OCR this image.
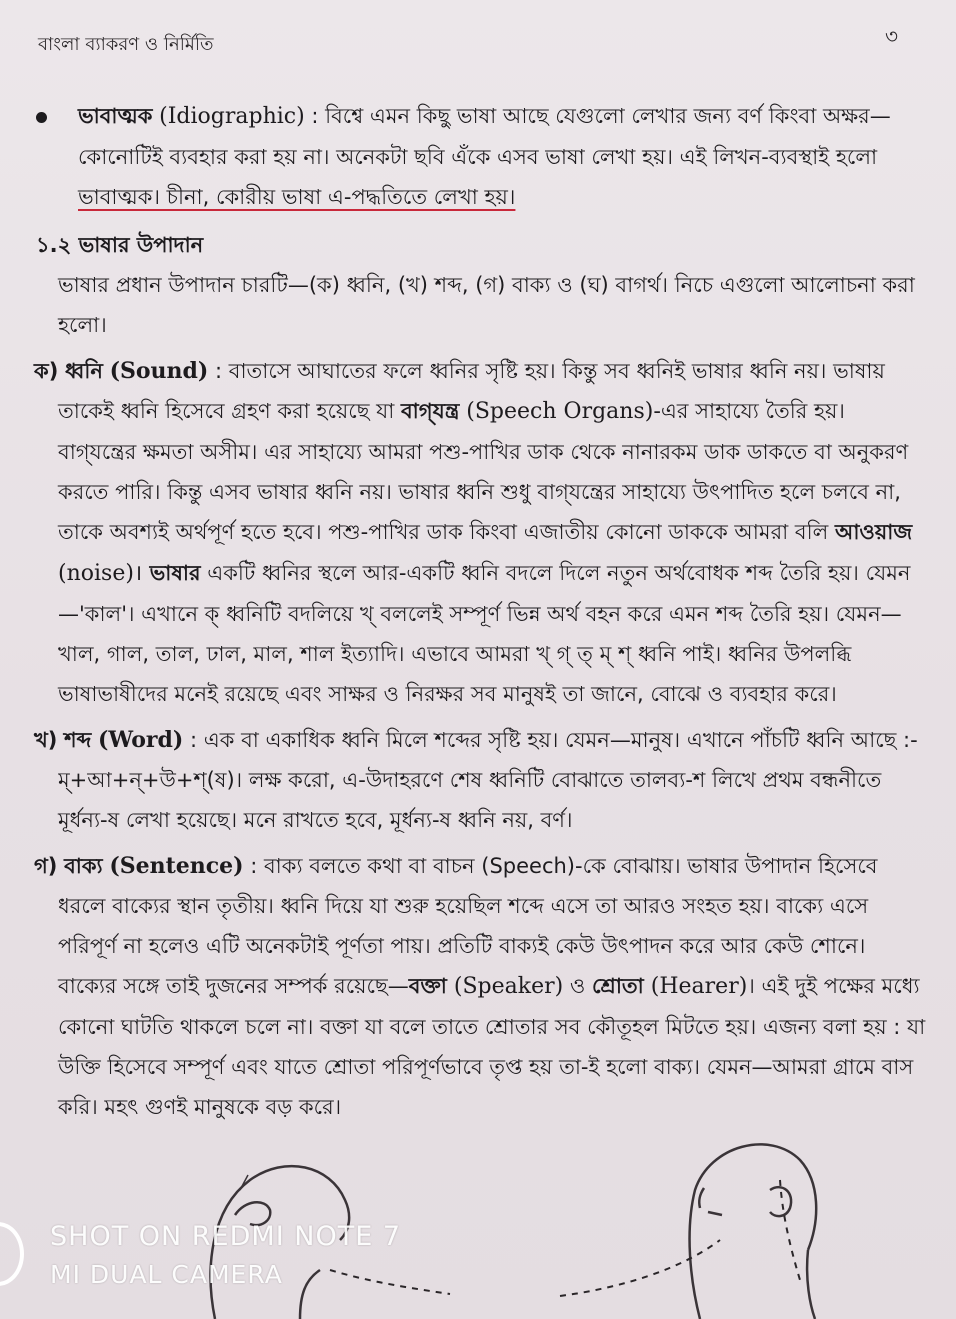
বাংলা ব্যাকরণ ও নির্মিতি	৩

ভাবাত্মক (Idiographic) : বিশ্বে এমন কিছু ভাষা আছে যেগুলো লেখার জন্য বর্ণ কিংবা অক্ষর—কোনোটিই ব্যবহার করা হয় না। অনেকটা ছবি এঁকে এসব ভাষা লেখা হয়। এই লিখন-ব্যবস্থাই হলো ভাবাত্মক। চীনা, কোরীয় ভাষা এ-পদ্ধতিতে লেখা হয়।

১.২ ভাষার উপাদান

ভাষার প্রধান উপাদান চারটি—(ক) ধ্বনি, (খ) শব্দ, (গ) বাক্য ও (ঘ) বাগর্থ। নিচে এগুলো আলোচনা করা হলো।

ক) ধ্বনি (Sound) : বাতাসে আঘাতের ফলে ধ্বনির সৃষ্টি হয়। কিন্তু সব ধ্বনিই ভাষার ধ্বনি নয়। ভাষায় তাকেই ধ্বনি হিসেবে গ্রহণ করা হয়েছে যা বাগ্‌যন্ত্র (Speech Organs)-এর সাহায্যে তৈরি হয়। বাগ্‌যন্ত্রের ক্ষমতা অসীম। এর সাহায্যে আমরা পশু-পাখির ডাক থেকে নানারকম ডাক ডাকতে বা অনুকরণ করতে পারি। কিন্তু এসব ভাষার ধ্বনি নয়। ভাষার ধ্বনি শুধু বাগ্‌যন্ত্রের সাহায্যে উৎপাদিত হলে চলবে না, তাকে অবশ্যই অর্থপূর্ণ হতে হবে। পশু-পাখির ডাক কিংবা এজাতীয় কোনো ডাককে আমরা বলি আওয়াজ (noise)। ভাষার একটি ধ্বনির স্থলে আর-একটি ধ্বনি বদলে দিলে নতুন অর্থবোধক শব্দ তৈরি হয়। যেমন—'কাল'। এখানে ক্ ধ্বনিটি বদলিয়ে খ্ বললেই সম্পূর্ণ ভিন্ন অর্থ বহন করে এমন শব্দ তৈরি হয়। যেমন—খাল, গাল, তাল, ঢাল, মাল, শাল ইত্যাদি। এভাবে আমরা খ্ গ্ ত্ ম্ শ্ ধ্বনি পাই। ধ্বনির উপলব্ধি ভাষাভাষীদের মনেই রয়েছে এবং সাক্ষর ও নিরক্ষর সব মানুষই তা জানে, বোঝে ও ব্যবহার করে।

খ) শব্দ (Word) : এক বা একাধিক ধ্বনি মিলে শব্দের সৃষ্টি হয়। যেমন—মানুষ। এখানে পাঁচটি ধ্বনি আছে :-ম্+আ+ন্+উ+শ্(ষ)। লক্ষ করো, এ-উদাহরণে শেষ ধ্বনিটি বোঝাতে তালব্য-শ লিখে প্রথম বন্ধনীতে মূর্ধন্য-ষ লেখা হয়েছে। মনে রাখতে হবে, মূর্ধন্য-ষ ধ্বনি নয়, বর্ণ।

গ) বাক্য (Sentence) : বাক্য বলতে কথা বা বাচন (Speech)-কে বোঝায়। ভাষার উপাদান হিসেবে ধরলে বাক্যের স্থান তৃতীয়। ধ্বনি দিয়ে যা শুরু হয়েছিল শব্দে এসে তা আরও সংহত হয়। বাক্যে এসে পরিপূর্ণ না হলেও এটি অনেকটাই পূর্ণতা পায়। প্রতিটি বাক্যই কেউ উৎপাদন করে আর কেউ শোনে। বাক্যের সঙ্গে তাই দুজনের সম্পর্ক রয়েছে—বক্তা (Speaker) ও শ্রোতা (Hearer)। এই দুই পক্ষের মধ্যে কোনো ঘাটতি থাকলে চলে না। বক্তা যা বলে তাতে শ্রোতার সব কৌতূহল মিটতে হয়। এজন্য বলা হয় : যা উক্তি হিসেবে সম্পূর্ণ এবং যাতে শ্রোতা পরিপূর্ণভাবে তৃপ্ত হয় তা-ই হলো বাক্য। যেমন—আমরা গ্রামে বাস করি। মহৎ গুণই মানুষকে বড় করে।

SHOT ON REDMI NOTE 7
MI DUAL CAMERA
